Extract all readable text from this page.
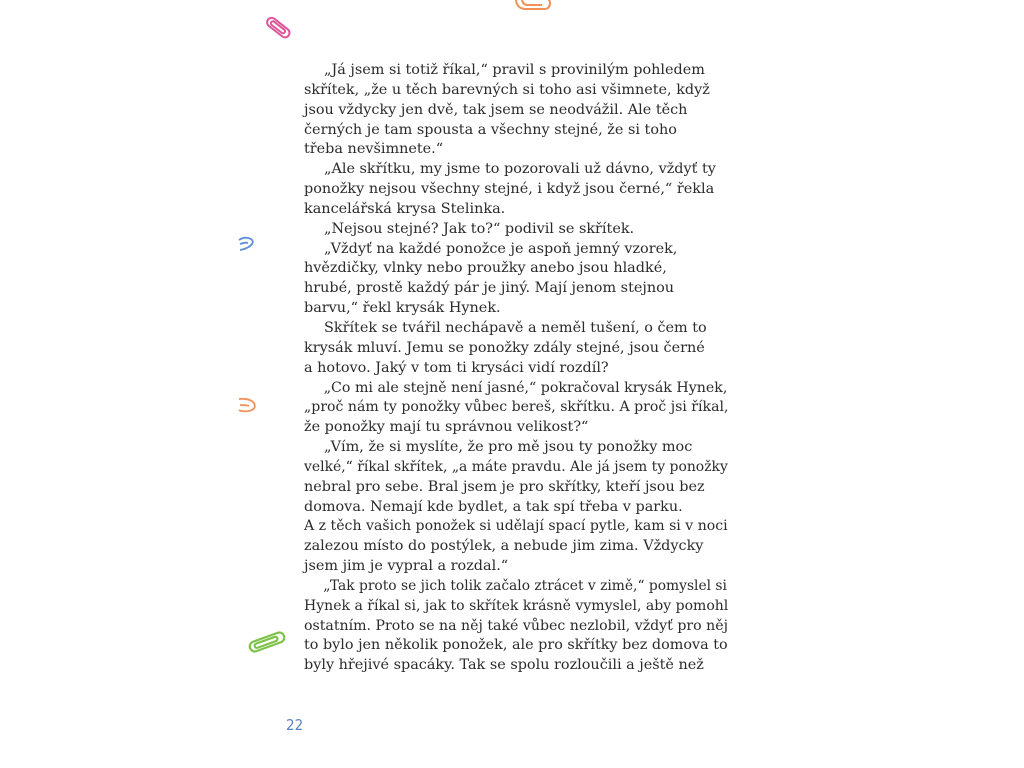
„Já jsem si totiž říkal,“ pravil s provinilým pohledem
skřítek, „že u těch barevných si toho asi všimnete, když
jsou vždycky jen dvě, tak jsem se neodvážil. Ale těch
černých je tam spousta a všechny stejné, že si toho
třeba nevšimnete.“
„Ale skřítku, my jsme to pozorovali už dávno, vždyť ty
ponožky nejsou všechny stejné, i když jsou černé,“ řekla
kancelářská krysa Stelinka.
„Nejsou stejné? Jak to?“ podivil se skřítek.
„Vždyť na každé ponožce je aspoň jemný vzorek,
hvězdičky, vlnky nebo proužky anebo jsou hladké,
hrubé, prostě každý pár je jiný. Mají jenom stejnou
barvu,“ řekl krysák Hynek.
Skřítek se tvářil nechápavě a neměl tušení, o čem to
krysák mluví. Jemu se ponožky zdály stejné, jsou černé
a hotovo. Jaký v tom ti krysáci vidí rozdíl?
„Co mi ale stejně není jasné,“ pokračoval krysák Hynek,
„proč nám ty ponožky vůbec bereš, skřítku. A proč jsi říkal,
že ponožky mají tu správnou velikost?“
„Vím, že si myslíte, že pro mě jsou ty ponožky moc
velké,“ říkal skřítek, „a máte pravdu. Ale já jsem ty ponožky
nebral pro sebe. Bral jsem je pro skřítky, kteří jsou bez
domova. Nemají kde bydlet, a tak spí třeba v parku.
A z těch vašich ponožek si udělají spací pytle, kam si v noci
zalezou místo do postýlek, a nebude jim zima. Vždycky
jsem jim je vypral a rozdal.“
„Tak proto se jich tolik začalo ztrácet v zimě,“ pomyslel si
Hynek a říkal si, jak to skřítek krásně vymyslel, aby pomohl
ostatním. Proto se na něj také vůbec nezlobil, vždyť pro něj
to bylo jen několik ponožek, ale pro skřítky bez domova to
byly hřejivé spacáky. Tak se spolu rozloučili a ještě než
22
